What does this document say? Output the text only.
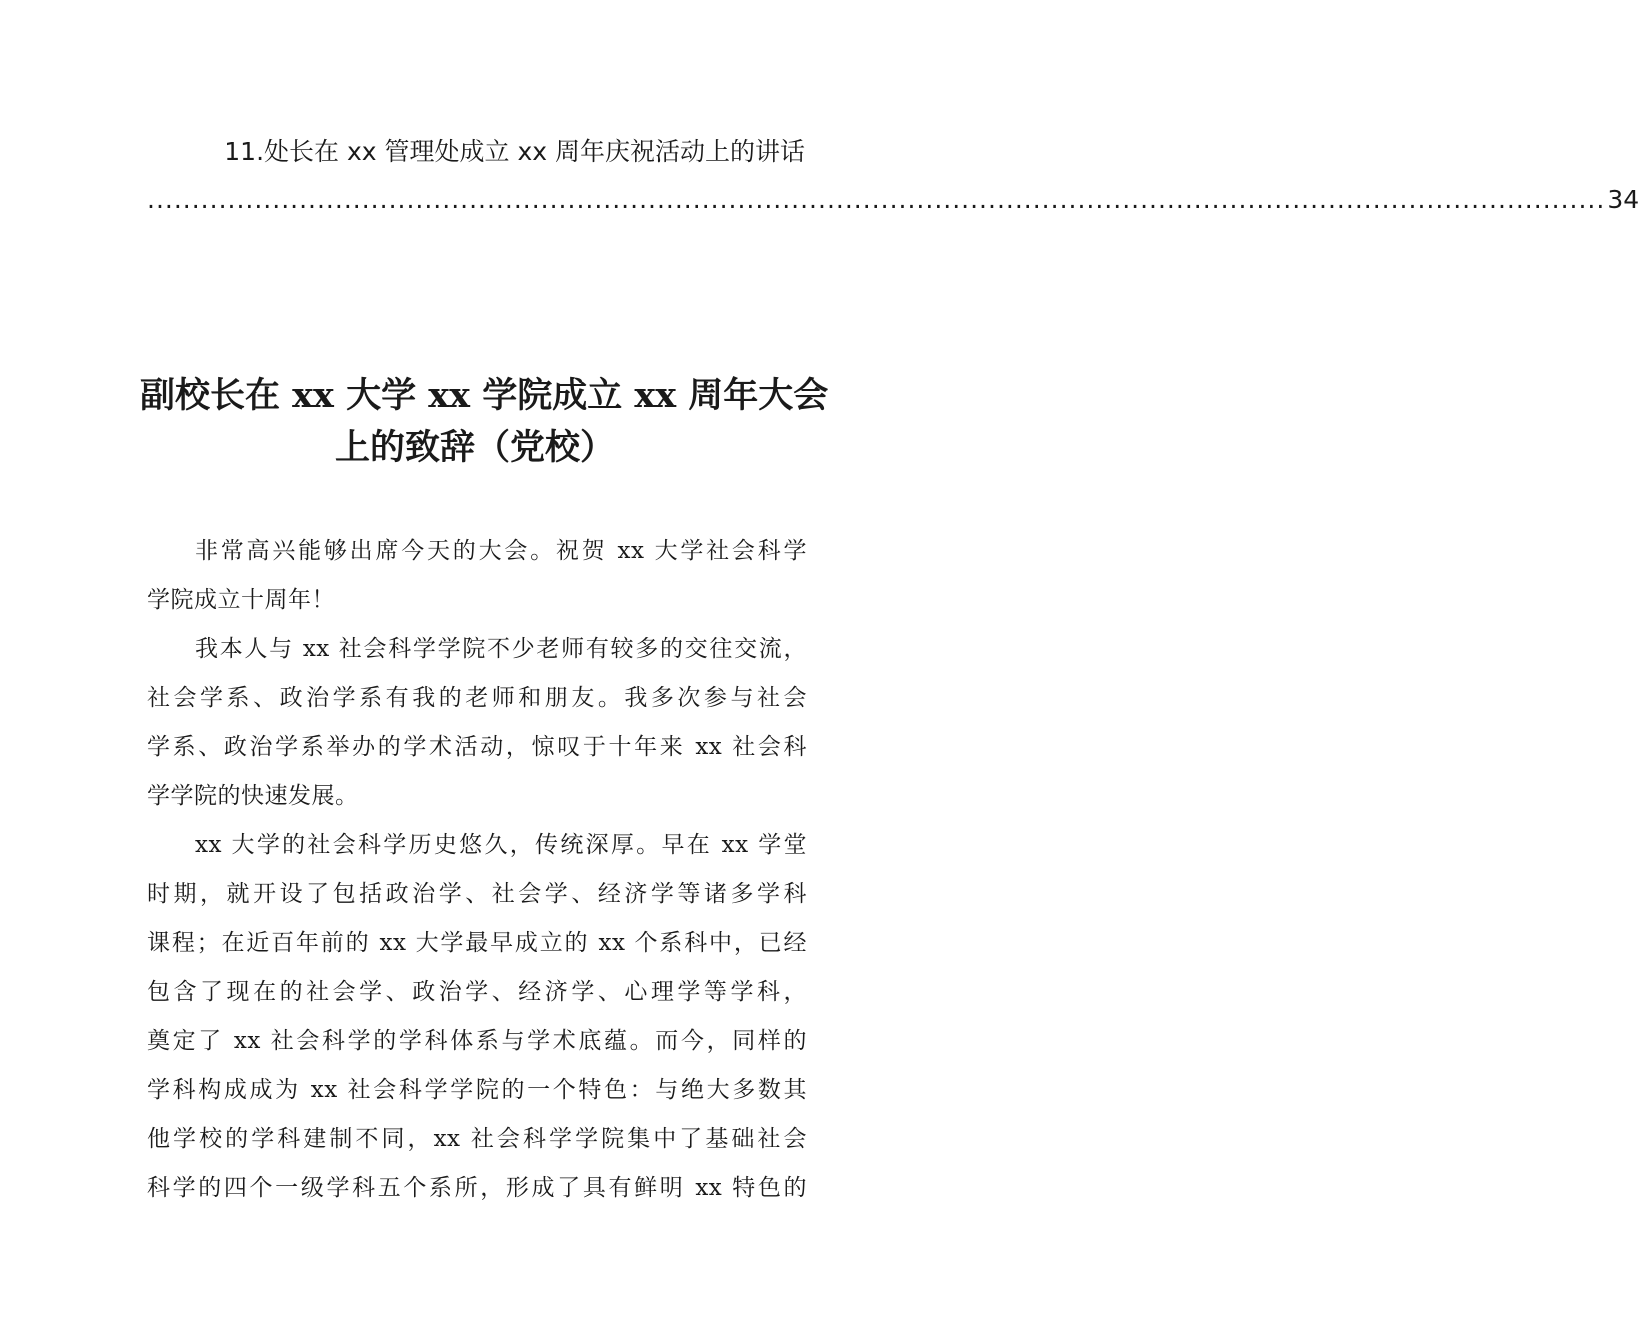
11.处长在 xx 管理处成立 xx 周年庆祝活动上的讲话
................................................................................................................................................................... 34
副校长在 xx 大学 xx 学院成立 xx 周年大会
上的致辞（党校）
非常高兴能够出席今天的大会。祝贺 xx 大学社会科学
学院成立十周年！
我本人与 xx 社会科学学院不少老师有较多的交往交流，
社会学系、政治学系有我的老师和朋友。我多次参与社会
学系、政治学系举办的学术活动，惊叹于十年来 xx 社会科
学学院的快速发展。
xx 大学的社会科学历史悠久，传统深厚。早在 xx 学堂
时期，就开设了包括政治学、社会学、经济学等诸多学科
课程；在近百年前的 xx 大学最早成立的 xx 个系科中，已经
包含了现在的社会学、政治学、经济学、心理学等学科，
奠定了 xx 社会科学的学科体系与学术底蕴。而今，同样的
学科构成成为 xx 社会科学学院的一个特色：与绝大多数其
他学校的学科建制不同，xx 社会科学学院集中了基础社会
科学的四个一级学科五个系所，形成了具有鲜明 xx 特色的
